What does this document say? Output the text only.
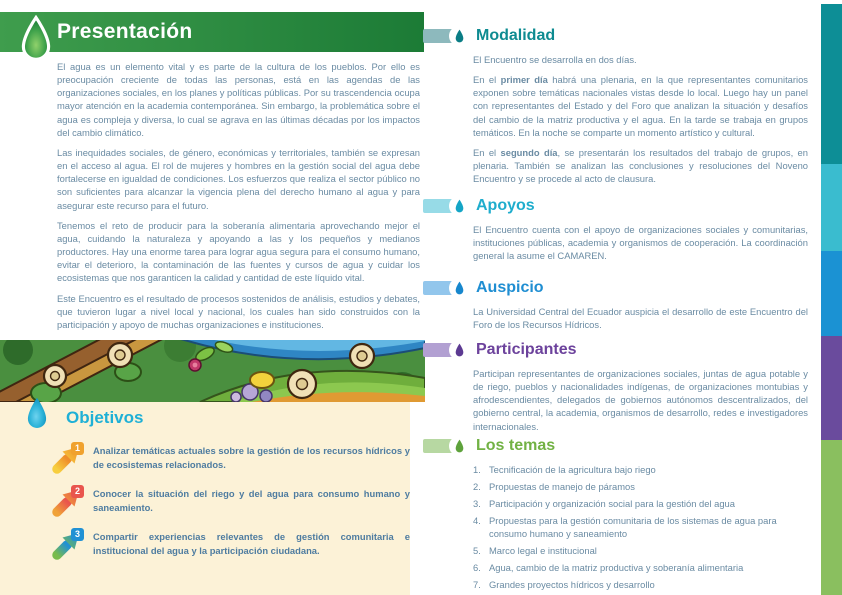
Presentación

El agua es un elemento vital y es parte de la cultura de los pueblos. Por ello es preocupación creciente de todas las personas, está en las agendas de las organizaciones sociales, en los planes y políticas públicas. Por su trascendencia ocupa mayor atención en la academia contemporánea. Sin embargo, la problemática sobre el agua es compleja y diversa, lo cual se agrava en las últimas décadas por los impactos del cambio climático.

Las inequidades sociales, de género, económicas y territoriales, también se expresan en el acceso al agua. El rol de mujeres y hombres en la gestión social del agua debe fortalecerse en igualdad de condiciones. Los esfuerzos que realiza el sector público no son suficientes para alcanzar la vigencia plena del derecho humano al agua y para asegurar este recurso para el futuro.

Tenemos el reto de producir para la soberanía alimentaria aprovechando mejor el agua, cuidando la naturaleza y apoyando a las y los pequeños y medianos productores. Hay una enorme tarea para lograr agua segura para el consumo humano, evitar el deterioro, la contaminación de las fuentes y cursos de agua y cuidar los ecosistemas que nos garanticen la calidad y cantidad de este líquido vital.

Este Encuentro es el resultado de procesos sostenidos de análisis, estudios y debates, que tuvieron lugar a nivel local y nacional, los cuales han sido construidos con la participación y apoyo de muchas organizaciones e instituciones.

Objetivos
1	Analizar temáticas actuales sobre la gestión de los recursos hídricos y de ecosistemas relacionados.

2	Conocer la situación del riego y del agua para consumo humano y saneamiento.

3	Compartir experiencias relevantes de gestión comunitaria e institucional del agua y la participación ciudadana.

Modalidad

El Encuentro se desarrolla en dos días.

En el primer día habrá una plenaria, en la que representantes comunitarios exponen sobre temáticas nacionales vistas desde lo local. Luego hay un panel con representantes del Estado y del Foro que analizan la situación y desafíos del cambio de la matriz productiva y el agua. En la tarde se trabaja en grupos temáticos. En la noche se comparte un momento artístico y cultural.

En el segundo día, se presentarán los resultados del trabajo de grupos, en plenaria. También se analizan las conclusiones y resoluciones del Noveno Encuentro y se procede al acto de clausura.

Apoyos

El Encuentro cuenta con el apoyo de organizaciones sociales y comunitarias, instituciones públicas, academia y organismos de cooperación. La coordinación general la asume el CAMAREN.

Auspicio

La Universidad Central del Ecuador auspicia el desarrollo de este Encuentro del Foro de los Recursos Hídricos.

Participantes

Participan representantes de organizaciones sociales, juntas de agua potable y de riego, pueblos y nacionalidades indígenas, de organizaciones montubias y afrodescendientes, delegados de gobiernos autónomos descentralizados, del gobierno central, la academia, organismos de desarrollo, redes e investigadores internacionales.

Los temas
1. Tecnificación de la agricultura bajo riego
2. Propuestas de manejo de páramos
3. Participación y organización social para la gestión del agua
4. Propuestas para la gestión comunitaria de los sistemas de agua para consumo humano y saneamiento
5. Marco legal e institucional
6. Agua, cambio de la matriz productiva y soberanía alimentaria
7. Grandes proyectos hídricos y desarrollo
